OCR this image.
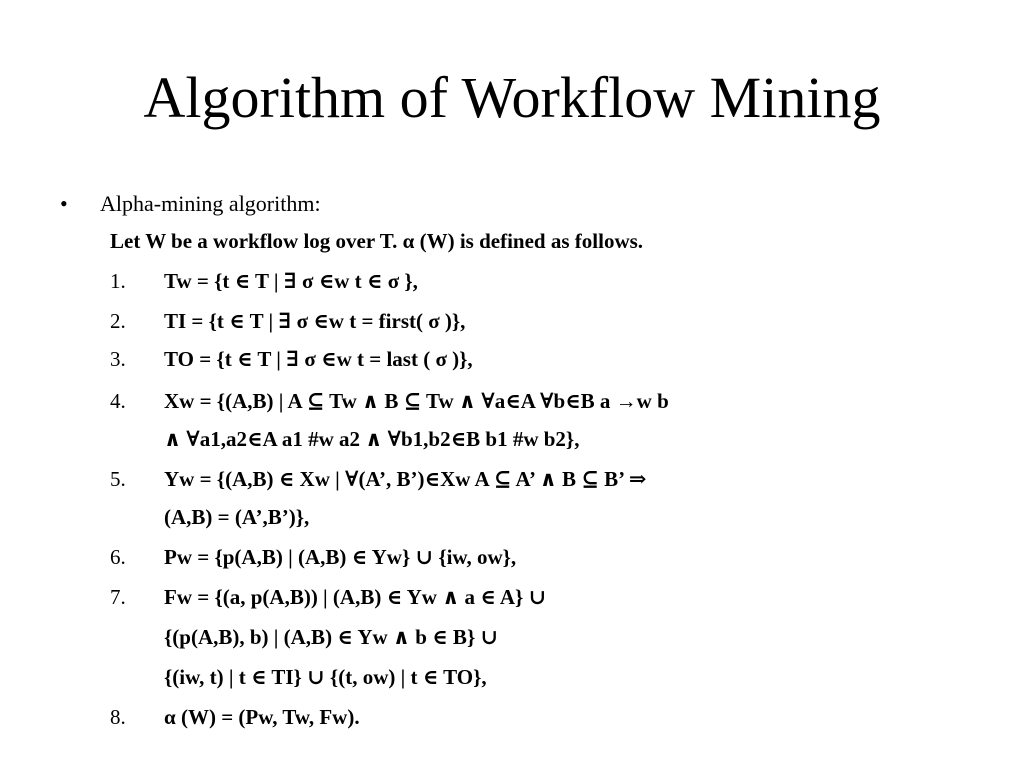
Algorithm of Workflow Mining
• Alpha-mining algorithm:
Let W be a workflow log over T. α (W) is defined as follows.
1.	Tw = {t ∈ T | ∃ σ ∈w t ∈ σ },
2.	TI = {t ∈ T | ∃ σ ∈w t = first( σ )},
3.	TO = {t ∈ T | ∃ σ ∈w t = last ( σ )},
4.	Xw = {(A,B) | A ⊆ Tw ∧ B ⊆ Tw ∧ ∀a∈A ∀b∈B a →w b
∧ ∀a1,a2∈A a1 #w a2 ∧ ∀b1,b2∈B b1 #w b2},
5.	Yw = {(A,B) ∈ Xw | ∀(A’, B’)∈Xw A ⊆ A’ ∧ B ⊆ B’ ⇒
(A,B) = (A’,B’)},
6.	Pw = {p(A,B) | (A,B) ∈ Yw} ∪ {iw, ow},
7.	Fw = {(a, p(A,B)) | (A,B) ∈ Yw ∧ a ∈ A} ∪
{(p(A,B), b) | (A,B) ∈ Yw ∧ b ∈ B} ∪
{(iw, t) | t ∈ TI} ∪ {(t, ow) | t ∈ TO},
8.	α (W) = (Pw, Tw, Fw).
